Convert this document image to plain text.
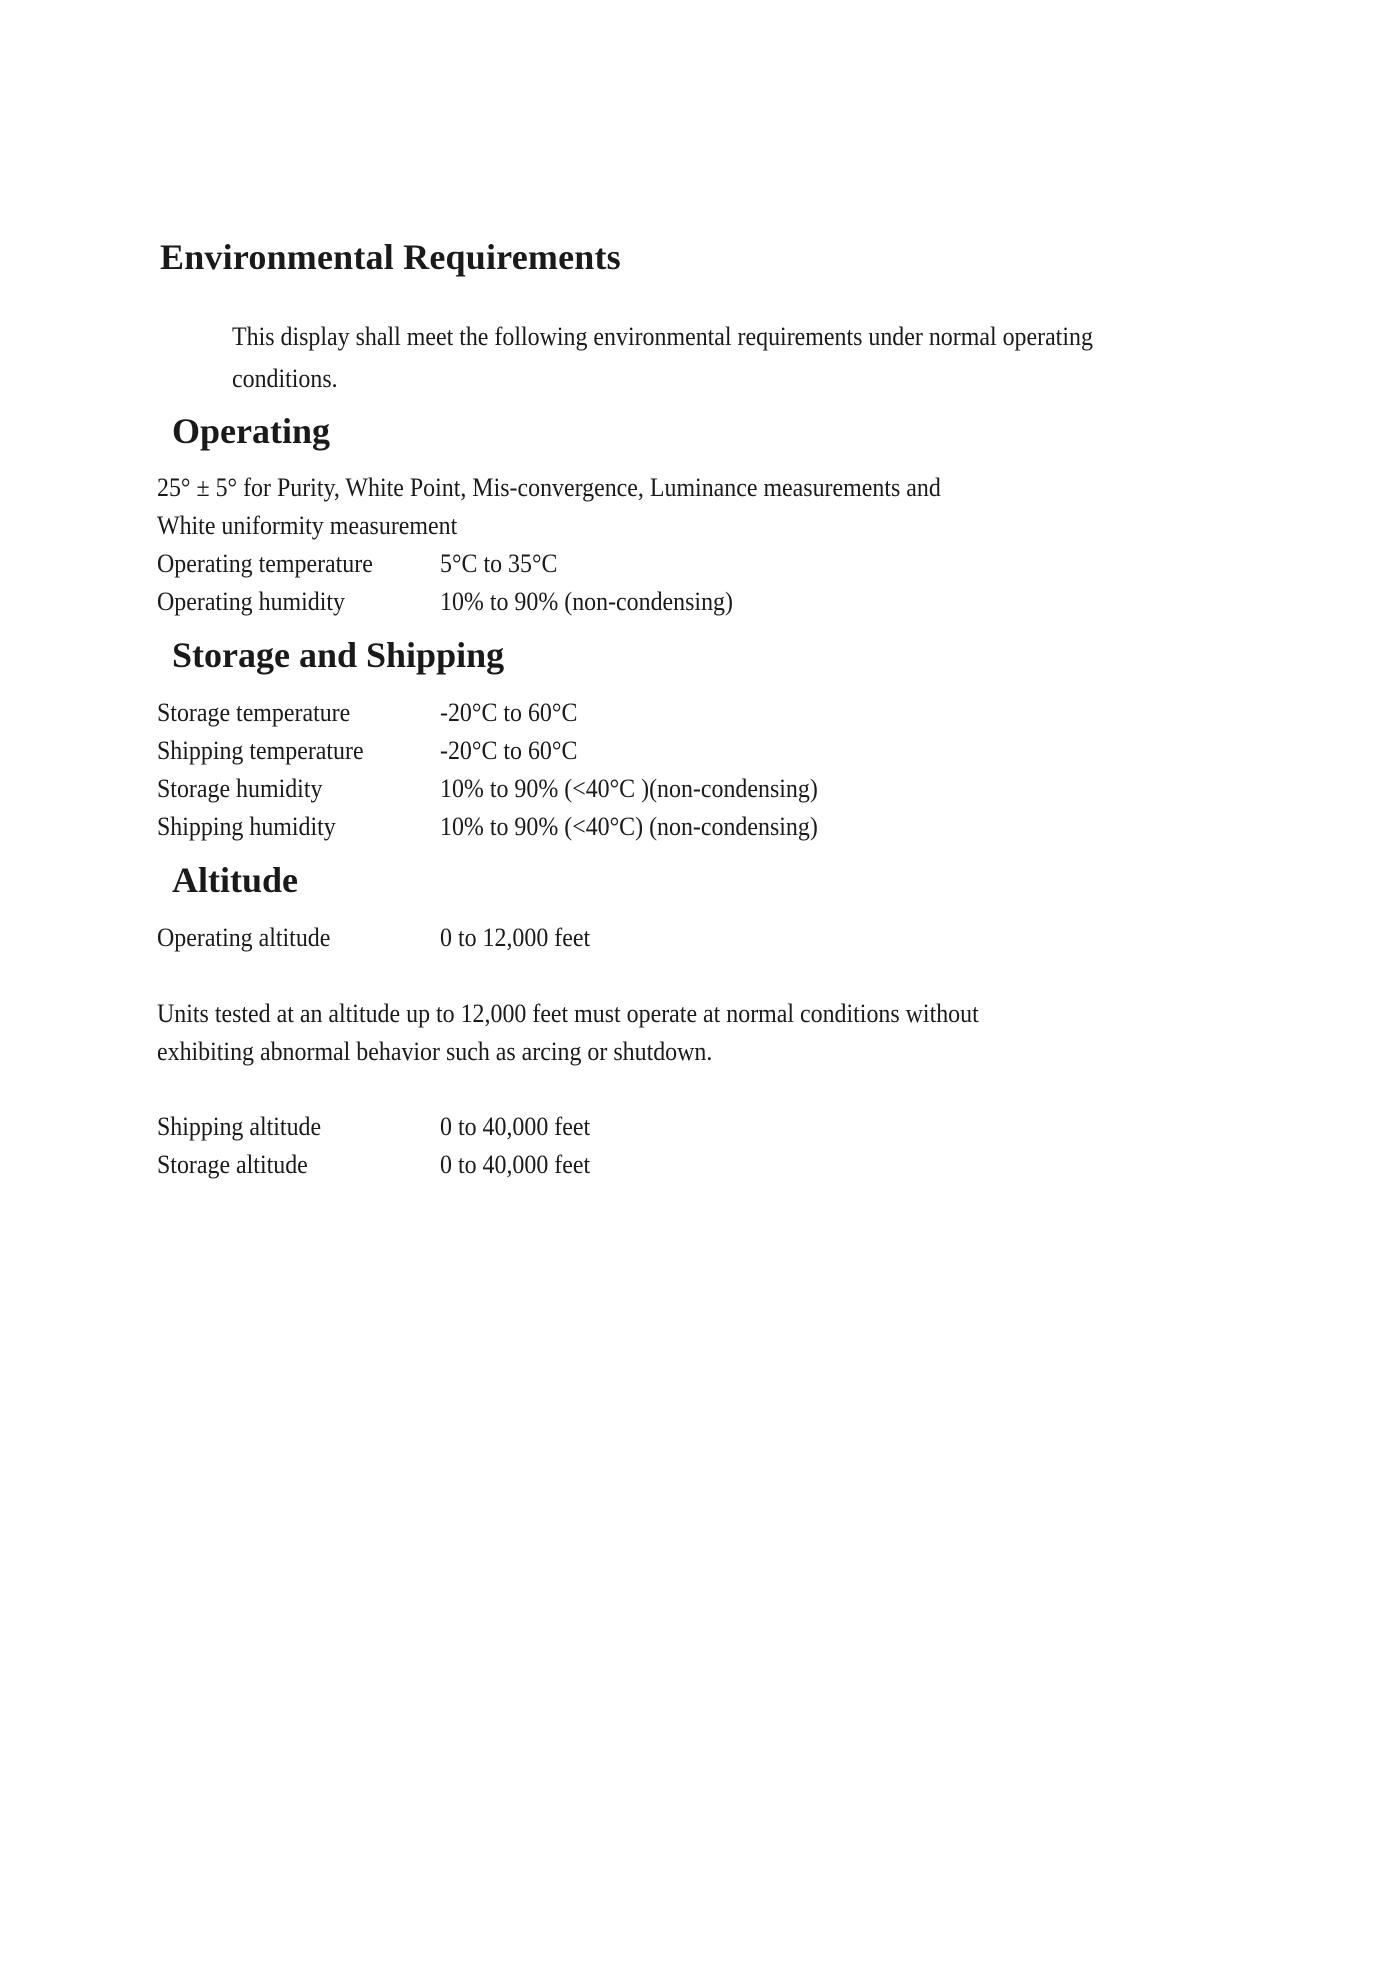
Environmental Requirements

This display shall meet the following environmental requirements under normal operating conditions.

Operating

25° ± 5° for Purity, White Point, Mis-convergence, Luminance measurements and

White uniformity measurement

Operating temperature	5°C to 35°C
Operating humidity	10% to 90% (non-condensing)
Storage and Shipping
Storage temperature	-20°C to 60°C
Shipping temperature	-20°C to 60°C
Storage humidity	10% to 90% (<40°C )(non-condensing)
Shipping humidity	10% to 90% (<40°C) (non-condensing)
Altitude
Operating altitude	0 to 12,000 feet

Units tested at an altitude up to 12,000 feet must operate at normal conditions without

exhibiting abnormal behavior such as arcing or shutdown.

Shipping altitude	0 to 40,000 feet
Storage altitude	0 to 40,000 feet
